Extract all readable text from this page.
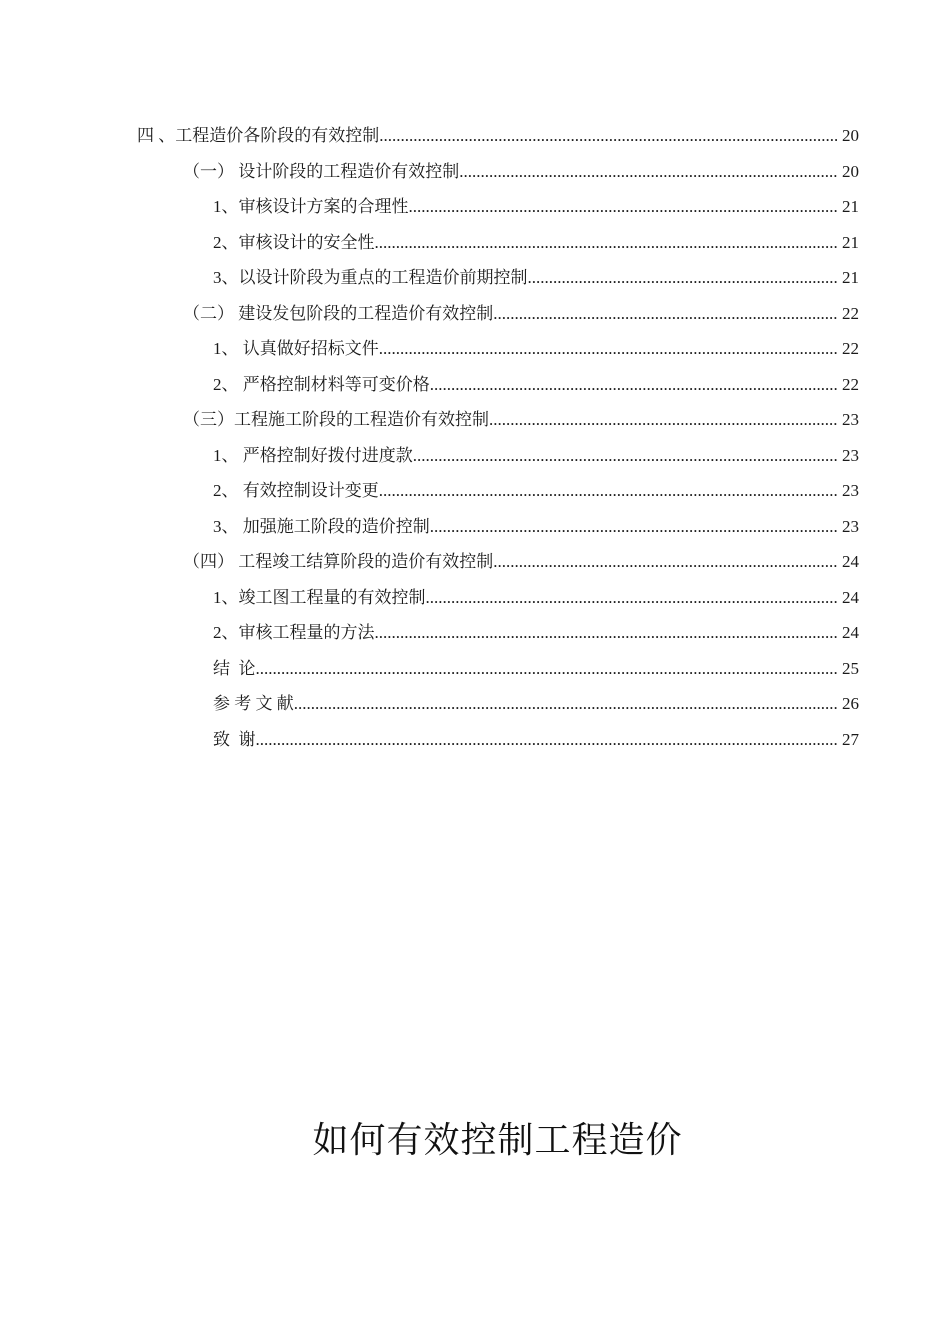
四 、工程造价各阶段的有效控制 .....	20
（一） 设计阶段的工程造价有效控制 .....	20
1、审核设计方案的合理性 .....	21
2、审核设计的安全性 .....	21
3、以设计阶段为重点的工程造价前期控制 .....	21
（二） 建设发包阶段的工程造价有效控制 .....	22
1、 认真做好招标文件 .....	22
2、 严格控制材料等可变价格 .....	22
（三）工程施工阶段的工程造价有效控制 .....	23
1、 严格控制好拨付进度款 .....	23
2、 有效控制设计变更 .....	23
3、 加强施工阶段的造价控制 .....	23
（四） 工程竣工结算阶段的造价有效控制 .....	24
1、竣工图工程量的有效控制 .....	24
2、审核工程量的方法 .....	24
结  论 .....	25
参 考 文 献 .....	26
致  谢 .....	27
如何有效控制工程造价
